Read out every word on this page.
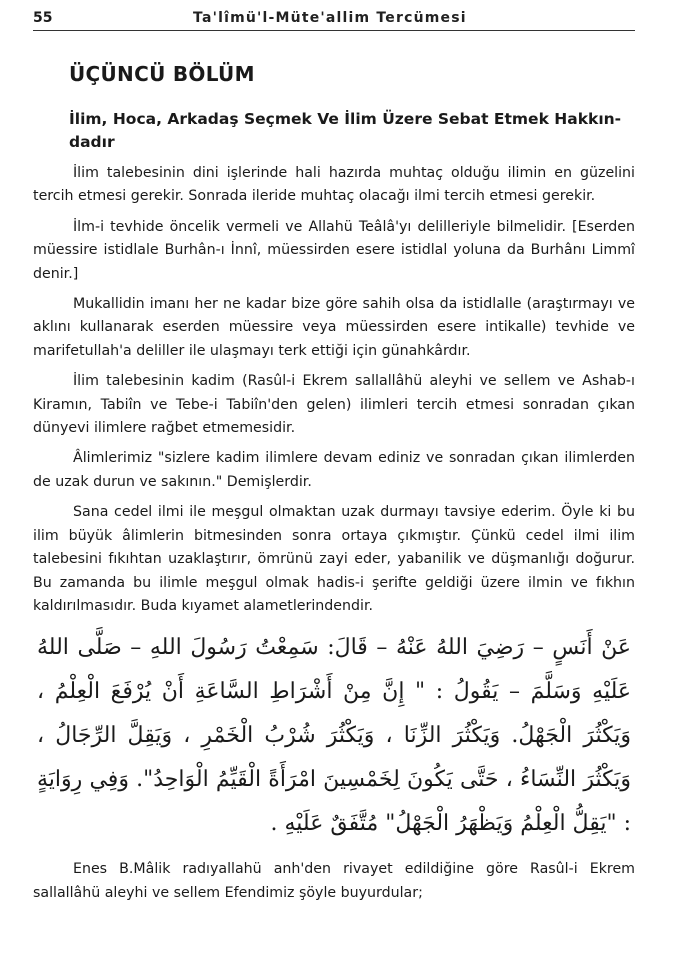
55	Ta'lîmü'l-Müte'allim Tercümesi
ÜÇÜNCÜ BÖLÜM
İlim, Hoca, Arkadaş Seçmek Ve İlim Üzere Sebat Etmek Hakkın-dadır

İlim talebesinin dini işlerinde hali hazırda muhtaç olduğu ilimin en güzelini tercih etmesi gerekir. Sonrada ileride muhtaç olacağı ilmi tercih etmesi gerekir.

İlm-i tevhide öncelik vermeli ve Allahü Teâlâ'yı delilleriyle bilmelidir. [Eserden müessire istidlale Burhân-ı İnnî, müessirden esere istidlal yoluna da Burhânı Limmî denir.]

Mukallidin imanı her ne kadar bize göre sahih olsa da istidlalle (araştırmayı ve aklını kullanarak eserden müessire veya müessirden esere intikalle) tevhide ve marifetullah'a deliller ile ulaşmayı terk ettiği için günahkârdır.

İlim talebesinin kadim (Rasûl-i Ekrem sallallâhü aleyhi ve sellem ve Ashab-ı Kiramın, Tabiîn ve Tebe-i Tabiîn'den gelen) ilimleri tercih etmesi sonradan çıkan dünyevi ilimlere rağbet etmemesidir.

Âlimlerimiz "sizlere kadim ilimlere devam ediniz ve sonradan çıkan ilimlerden de uzak durun ve sakının." Demişlerdir.

Sana cedel ilmi ile meşgul olmaktan uzak durmayı tavsiye ederim. Öyle ki bu ilim büyük âlimlerin bitmesinden sonra ortaya çıkmıştır. Çünkü cedel ilmi ilim talebesini fıkıhtan uzaklaştırır, ömrünü zayi eder, yabanilik ve düşmanlığı doğurur. Bu zamanda bu ilimle meşgul olmak hadis-i şerifte geldiği üzere ilmin ve fıkhın kaldırılmasıdır. Buda kıyamet alametlerindendir.

عَنْ أَنَسٍ – رَضِيَ اللهُ عَنْهُ – قَالَ: سَمِعْتُ رَسُولَ اللهِ – صَلَّى اللهُ عَلَيْهِ وَسَلَّمَ – يَقُولُ : " إِنَّ مِنْ أَشْرَاطِ السَّاعَةِ أَنْ يُرْفَعَ الْعِلْمُ ، وَيَكْثُرَ الْجَهْلُ. وَيَكْثُرَ الزِّنَا ، وَيَكْثُرَ شُرْبُ الْخَمْرِ ، وَيَقِلَّ الرِّجَالُ ، وَيَكْثُرَ النِّسَاءُ ، حَتَّى يَكُونَ لِخَمْسِينَ امْرَأَةً الْقَيِّمُ الْوَاحِدُ". وَفِي رِوَايَةٍ : "يَقِلُّ الْعِلْمُ وَيَظْهَرُ الْجَهْلُ" مُتَّفَقٌ عَلَيْهِ .

Enes B.Mâlik radıyallahü anh'den rivayet edildiğine göre Rasûl-i Ekrem sallallâhü aleyhi ve sellem Efendimiz şöyle buyurdular;
